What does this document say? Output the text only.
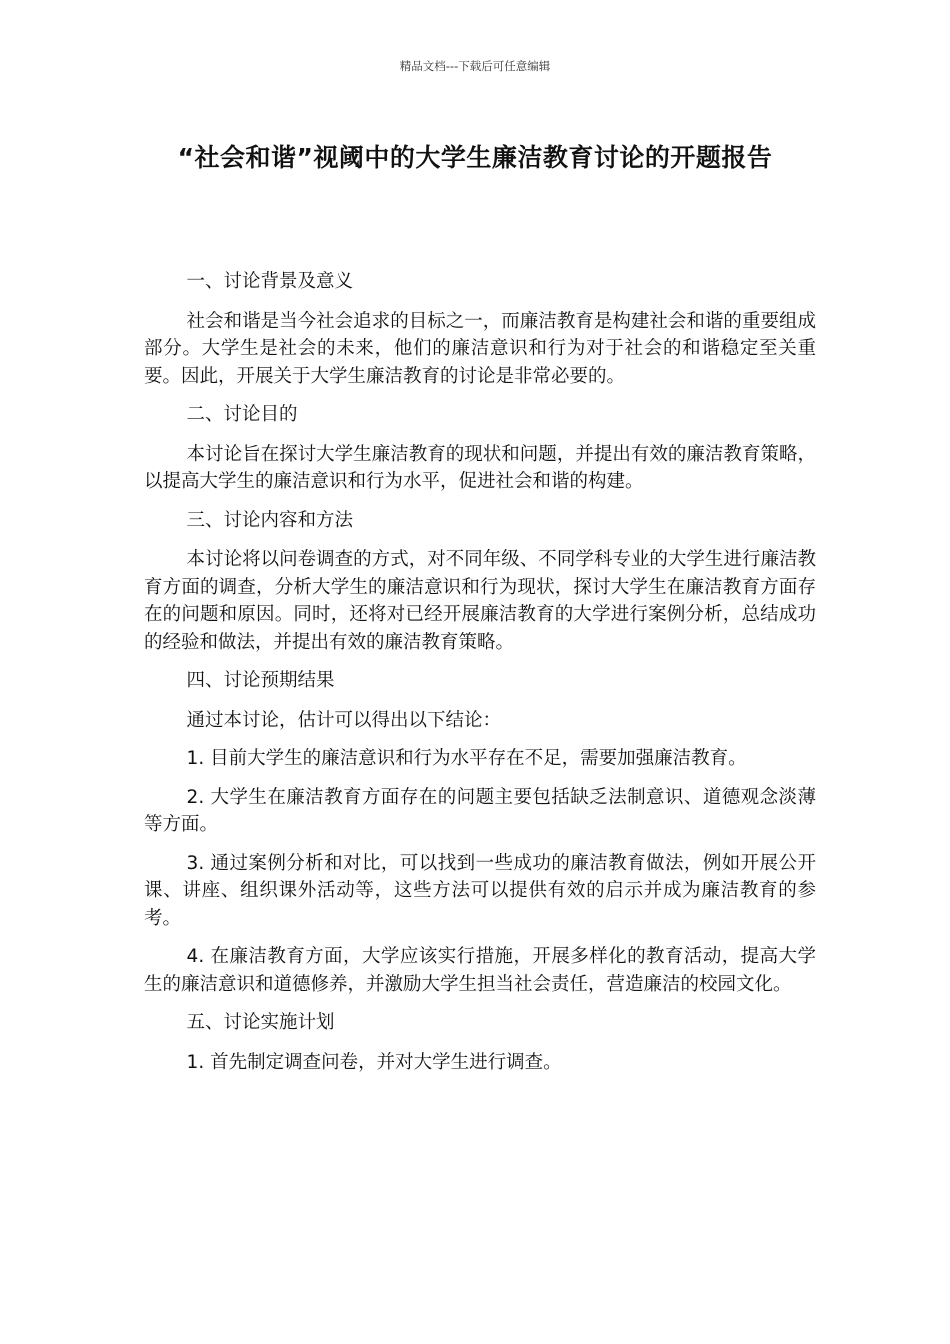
精品文档---下载后可任意编辑
“社会和谐”视阈中的大学生廉洁教育讨论的开题报告

一、讨论背景及意义

社会和谐是当今社会追求的目标之一，而廉洁教育是构建社会和谐的重要组成部分。大学生是社会的未来，他们的廉洁意识和行为对于社会的和谐稳定至关重要。因此，开展关于大学生廉洁教育的讨论是非常必要的。

二、讨论目的

本讨论旨在探讨大学生廉洁教育的现状和问题，并提出有效的廉洁教育策略，以提高大学生的廉洁意识和行为水平，促进社会和谐的构建。

三、讨论内容和方法

本讨论将以问卷调查的方式，对不同年级、不同学科专业的大学生进行廉洁教育方面的调查，分析大学生的廉洁意识和行为现状，探讨大学生在廉洁教育方面存在的问题和原因。同时，还将对已经开展廉洁教育的大学进行案例分析，总结成功的经验和做法，并提出有效的廉洁教育策略。

四、讨论预期结果

通过本讨论，估计可以得出以下结论：

1. 目前大学生的廉洁意识和行为水平存在不足，需要加强廉洁教育。

2. 大学生在廉洁教育方面存在的问题主要包括缺乏法制意识、道德观念淡薄等方面。

3. 通过案例分析和对比，可以找到一些成功的廉洁教育做法，例如开展公开课、讲座、组织课外活动等，这些方法可以提供有效的启示并成为廉洁教育的参考。

4. 在廉洁教育方面，大学应该实行措施，开展多样化的教育活动，提高大学生的廉洁意识和道德修养，并激励大学生担当社会责任，营造廉洁的校园文化。

五、讨论实施计划

1. 首先制定调查问卷，并对大学生进行调查。
